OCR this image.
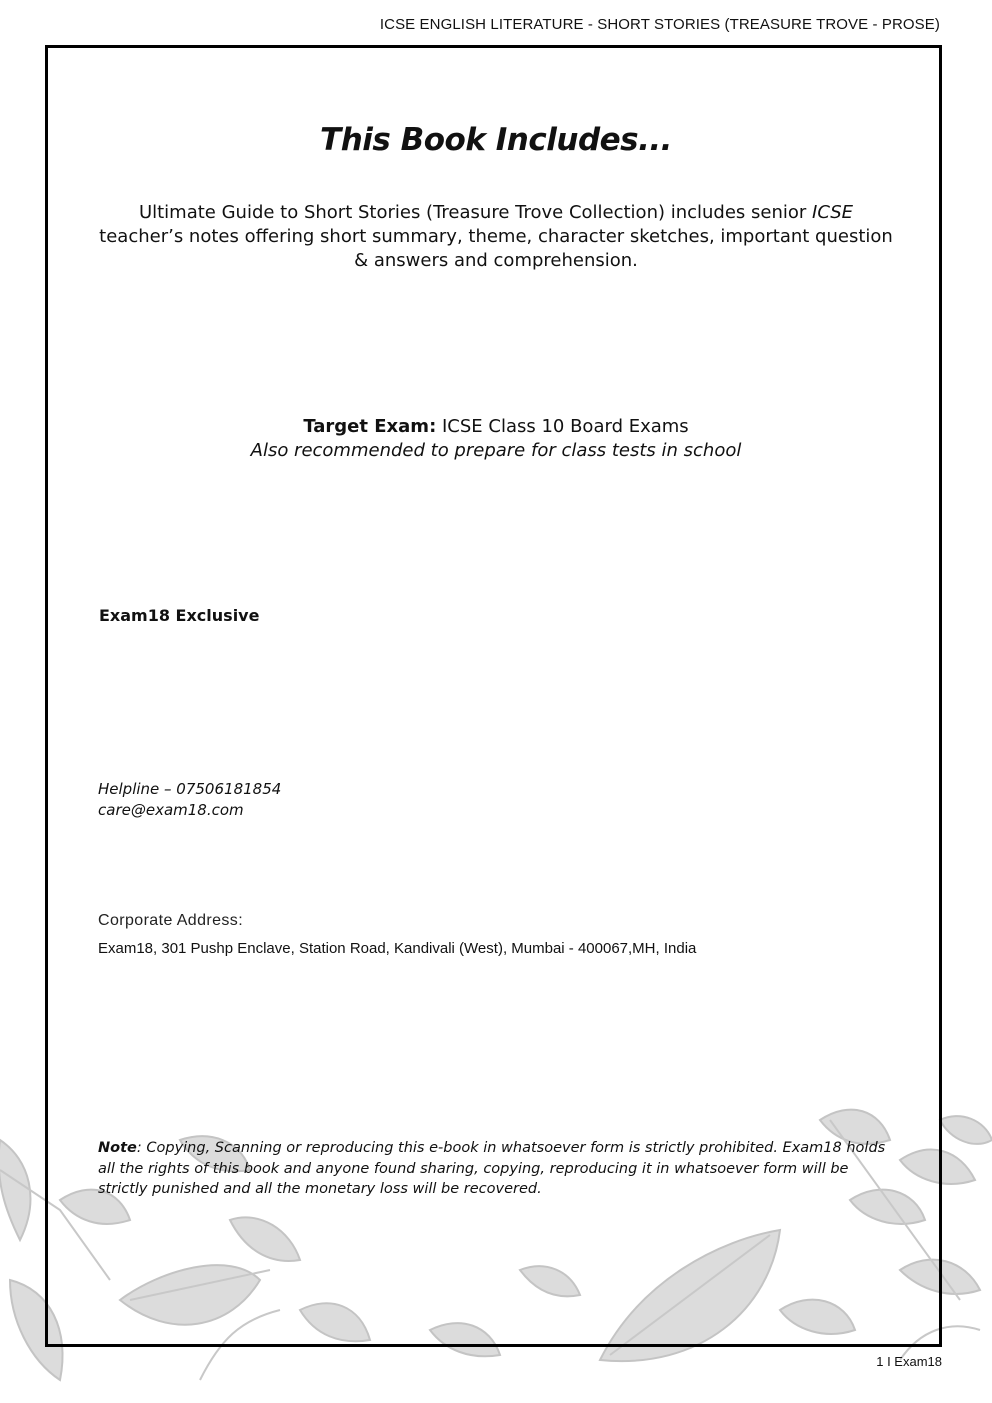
ICSE ENGLISH LITERATURE - SHORT STORIES (TREASURE TROVE - PROSE)
This Book Includes...
Ultimate Guide to Short Stories (Treasure Trove Collection) includes senior ICSE teacher’s notes offering short summary, theme, character sketches, important question & answers and comprehension.
Target Exam: ICSE Class 10 Board Exams
Also recommended to prepare for class tests in school
Exam18 Exclusive
Helpline – 07506181854
care@exam18.com
Corporate Address:
Exam18, 301 Pushp Enclave, Station Road, Kandivali (West), Mumbai - 400067,MH, India
Note: Copying, Scanning or reproducing this e-book in whatsoever form is strictly prohibited. Exam18 holds all the rights of this book and anyone found sharing, copying, reproducing it in whatsoever form will be strictly punished and all the monetary loss will be recovered.
1 I Exam18
